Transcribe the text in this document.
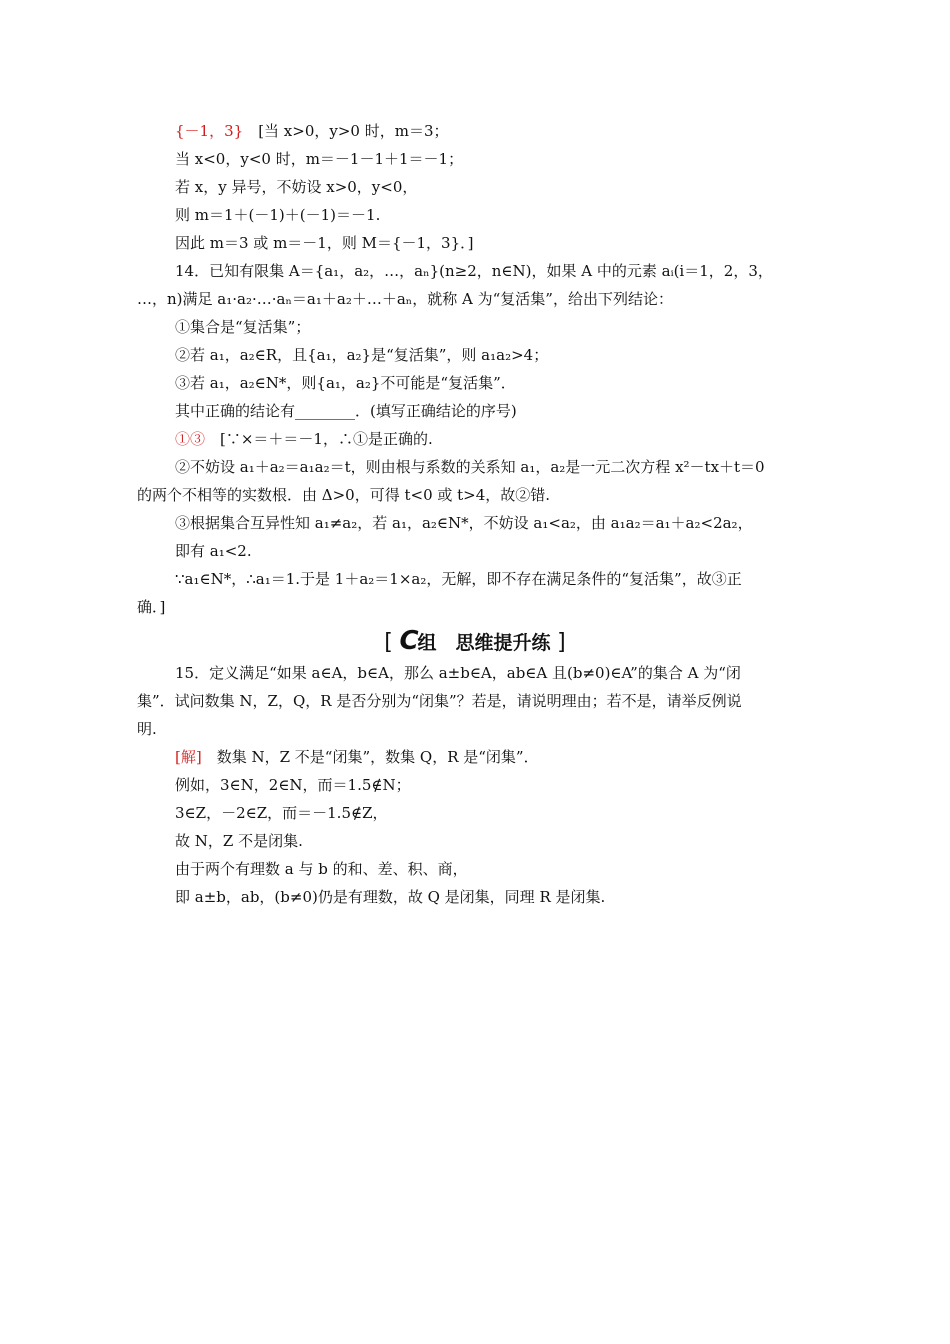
{－1，3}　[当 x>0，y>0 时，m＝3；
当 x<0，y<0 时，m＝－1－1＋1＝－1；
若 x，y 异号，不妨设 x>0，y<0，
则 m＝1＋(－1)＋(－1)＝－1.
因此 m＝3 或 m＝－1，则 M＝{－1，3}．]
14．已知有限集 A＝{a₁，a₂，…，aₙ}(n≥2，n∈N)，如果 A 中的元素 aᵢ(i＝1，2，3，
…，n)满足 a₁·a₂·…·aₙ＝a₁＋a₂＋…＋aₙ，就称 A 为“复活集”，给出下列结论：
①集合是“复活集”；
②若 a₁，a₂∈R，且{a₁，a₂}是“复活集”，则 a₁a₂>4；
③若 a₁，a₂∈N*，则{a₁，a₂}不可能是“复活集”．
其中正确的结论有________．(填写正确结论的序号)
①③　[∵×＝＋＝－1，∴①是正确的.
②不妨设 a₁＋a₂＝a₁a₂＝t，则由根与系数的关系知 a₁，a₂是一元二次方程 x²－tx＋t＝0
的两个不相等的实数根．由 Δ>0，可得 t<0 或 t>4，故②错.
③根据集合互异性知 a₁≠a₂，若 a₁，a₂∈N*，不妨设 a₁<a₂，由 a₁a₂＝a₁＋a₂<2a₂，
即有 a₁<2.
∵a₁∈N*，∴a₁＝1.于是 1＋a₂＝1×a₂，无解，即不存在满足条件的“复活集”，故③正
确．]
[ C组　思维提升练 ]
15．定义满足“如果 a∈A，b∈A，那么 a±b∈A，ab∈A 且(b≠0)∈A”的集合 A 为“闭
集”．试问数集 N，Z，Q，R 是否分别为“闭集”？若是，请说明理由；若不是，请举反例说
明.
[解]　数集 N，Z 不是“闭集”，数集 Q，R 是“闭集”．
例如，3∈N，2∈N，而＝1.5∉N；
3∈Z，－2∈Z，而＝－1.5∉Z，
故 N，Z 不是闭集.
由于两个有理数 a 与 b 的和、差、积、商，
即 a±b，ab，(b≠0)仍是有理数，故 Q 是闭集，同理 R 是闭集.
